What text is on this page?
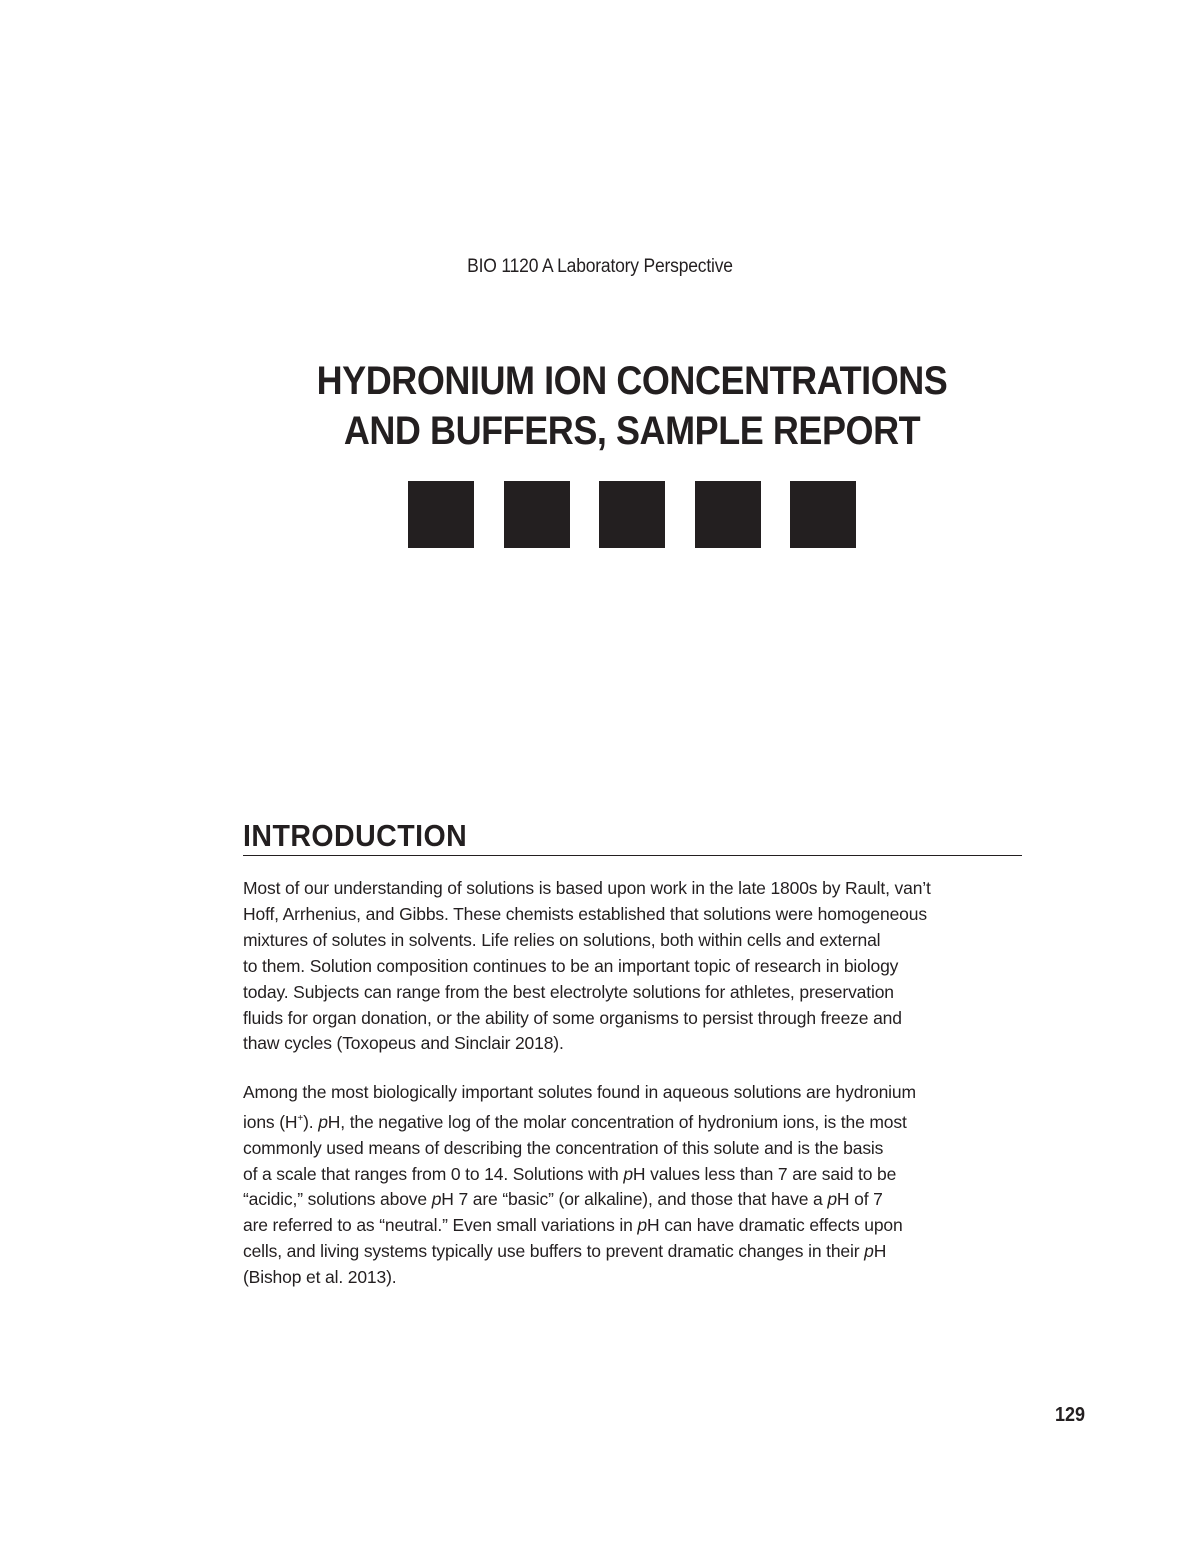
BIO 1120 A Laboratory Perspective
HYDRONIUM ION CONCENTRATIONS
AND BUFFERS, SAMPLE REPORT
INTRODUCTION
Most of our understanding of solutions is based upon work in the late 1800s by Rault, van’t
Hoff, Arrhenius, and Gibbs. These chemists established that solutions were homogeneous
mixtures of solutes in solvents. Life relies on solutions, both within cells and external
to them. Solution composition continues to be an important topic of research in biology
today. Subjects can range from the best electrolyte solutions for athletes, preservation
fluids for organ donation, or the ability of some organisms to persist through freeze and
thaw cycles (Toxopeus and Sinclair 2018).
Among the most biologically important solutes found in aqueous solutions are hydronium
ions (H+). pH, the negative log of the molar concentration of hydronium ions, is the most
commonly used means of describing the concentration of this solute and is the basis
of a scale that ranges from 0 to 14. Solutions with pH values less than 7 are said to be
“acidic,” solutions above pH 7 are “basic” (or alkaline), and those that have a pH of 7
are referred to as “neutral.” Even small variations in pH can have dramatic effects upon
cells, and living systems typically use buffers to prevent dramatic changes in their pH
(Bishop et al. 2013).
129
